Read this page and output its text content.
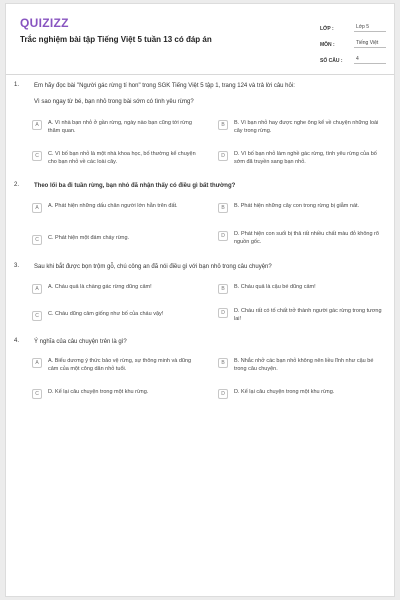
QUIZIZZ
Trắc nghiệm bài tập Tiếng Việt 5 tuần 13 có đáp án
LỚP :	Lớp 5
MÔN :	Tiếng Việt
SỐ CÂU :	4
1. Em hãy đọc bài "Người gác rừng tí hon" trong SGK Tiếng Việt 5 tập 1, trang 124 và trả lời câu hỏi:
Vì sao ngay từ bé, bạn nhỏ trong bài sớm có tình yêu rừng?
A	A. Vì nhà bạn nhỏ ở gần rừng, ngày nào bạn cũng tới rừng thăm quan.
B	B. Vì bạn nhỏ hay được nghe ông kể về chuyện những loài cây trong rừng.
C	C. Vì bố bạn nhỏ là một nhà khoa học, bố thường kể chuyện cho bạn nhỏ về các loài cây.
D	D. Vì bố bạn nhỏ làm nghề gác rừng, tình yêu rừng của bố sớm đã truyền sang bạn nhỏ.
2. Theo lối ba đi tuần rừng, bạn nhỏ đã nhận thấy có điều gì bất thường?
A	A. Phát hiện những dấu chân người lớn hằn trên đất.	B	B. Phát hiện những cây con trong rừng bị giẫm nát.
C	C. Phát hiện một đám cháy rừng.	D	D. Phát hiện con suối bị thả rất nhiều chất màu đỏ không rõ nguồn gốc.
3. Sau khi bắt được bọn trộm gỗ, chú công an đã nói điều gì với bạn nhỏ trong câu chuyện?
A	A. Cháu quả là chàng gác rừng dũng cảm!	B	B. Cháu quả là cậu bé dũng cảm!
C	C. Cháu dũng cảm giống như bố của cháu vậy!	D	D. Cháu rất có tố chất trở thành người gác rừng trong tương lai!
4. Ý nghĩa của câu chuyện trên là gì?
A	A. Biểu dương ý thức bảo vệ rừng, sự thông minh và dũng cảm của một công dân nhỏ tuổi.
B	B. Nhắc nhở các bạn nhỏ không nên liều lĩnh như cậu bé trong câu chuyện.
C	D. Kể lại câu chuyện trong một khu rừng.	D	D. Kể lại câu chuyện trong một khu rừng.
